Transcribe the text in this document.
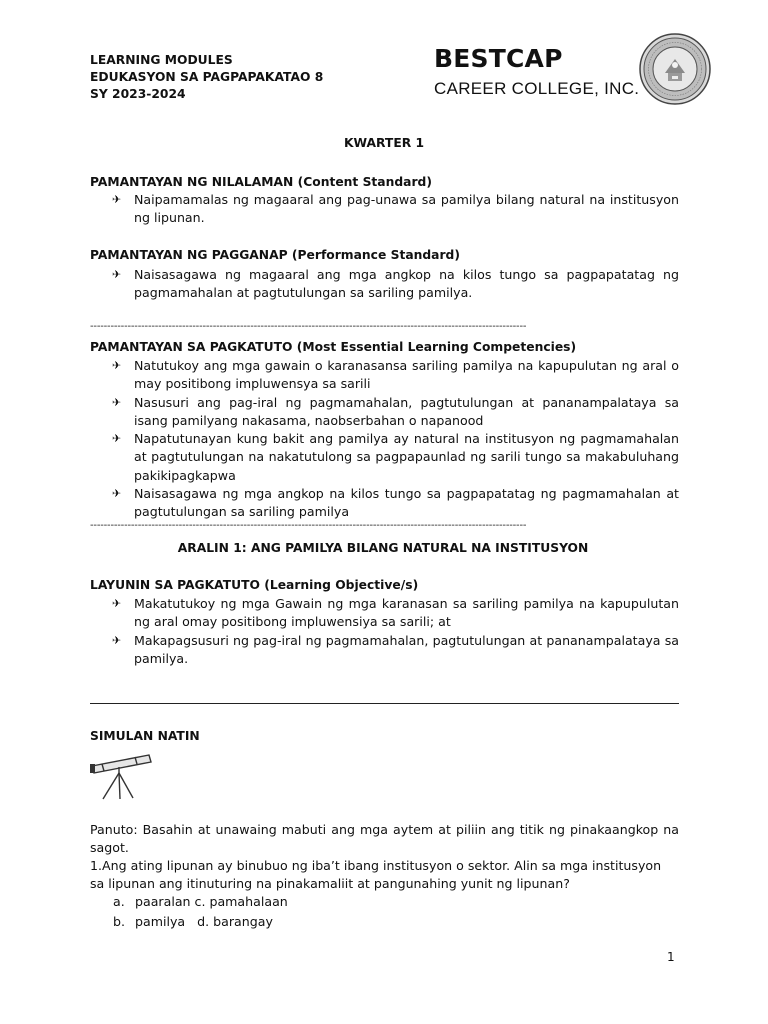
LEARNING MODULES
EDUKASYON SA PAGPAPAKATAO 8
SY 2023-2024
BESTCAP
CAREER COLLEGE, INC.
KWARTER 1
PAMANTAYAN NG NILALAMAN (Content Standard)
✈ Naipamamalas ng magaaral ang pag-unawa sa pamilya bilang natural na institusyon ng lipunan.
PAMANTAYAN NG PAGGANAP (Performance Standard)
✈ Naisasagawa ng magaaral ang mga angkop na kilos tungo sa pagpapatatag ng pagmamahalan at pagtutulungan sa sariling pamilya.
--------------------------------------------------------------------------------------------------------------------------------
PAMANTAYAN SA PAGKATUTO (Most Essential Learning Competencies)
✈ Natutukoy ang mga gawain o karanasansa sariling pamilya na kapupulutan ng aral o may positibong impluwensya sa sarili
✈ Nasusuri ang pag-iral ng pagmamahalan, pagtutulungan at pananampalataya sa isang pamilyang nakasama, naobserbahan o napanood
✈ Napatutunayan kung bakit ang pamilya ay natural na institusyon ng pagmamahalan at pagtutulungan na nakatutulong sa pagpapaunlad ng sarili tungo sa makabuluhang pakikipagkapwa
✈ Naisasagawa ng mga angkop na kilos tungo sa pagpapatatag ng pagmamahalan at pagtutulungan sa sariling pamilya
--------------------------------------------------------------------------------------------------------------------------------
ARALIN 1: ANG PAMILYA BILANG NATURAL NA INSTITUSYON
LAYUNIN SA PAGKATUTO (Learning Objective/s)
✈ Makatutukoy ng mga Gawain ng mga karanasan sa sariling pamilya na kapupulutan ng aral omay positibong impluwensiya sa sarili; at
✈ Makapagsusuri ng pag-iral ng pagmamahalan, pagtutulungan at pananampalataya sa pamilya.
SIMULAN NATIN
Panuto: Basahin at unawaing mabuti ang mga aytem at piliin ang titik ng pinakaangkop na sagot.
1.Ang ating lipunan ay binubuo ng iba’t ibang institusyon o sektor. Alin sa mga institusyon sa lipunan ang itinuturing na pinakamaliit at pangunahing yunit ng lipunan?
a. paaralan c. pamahalaan
b. pamilya   d. barangay
1
